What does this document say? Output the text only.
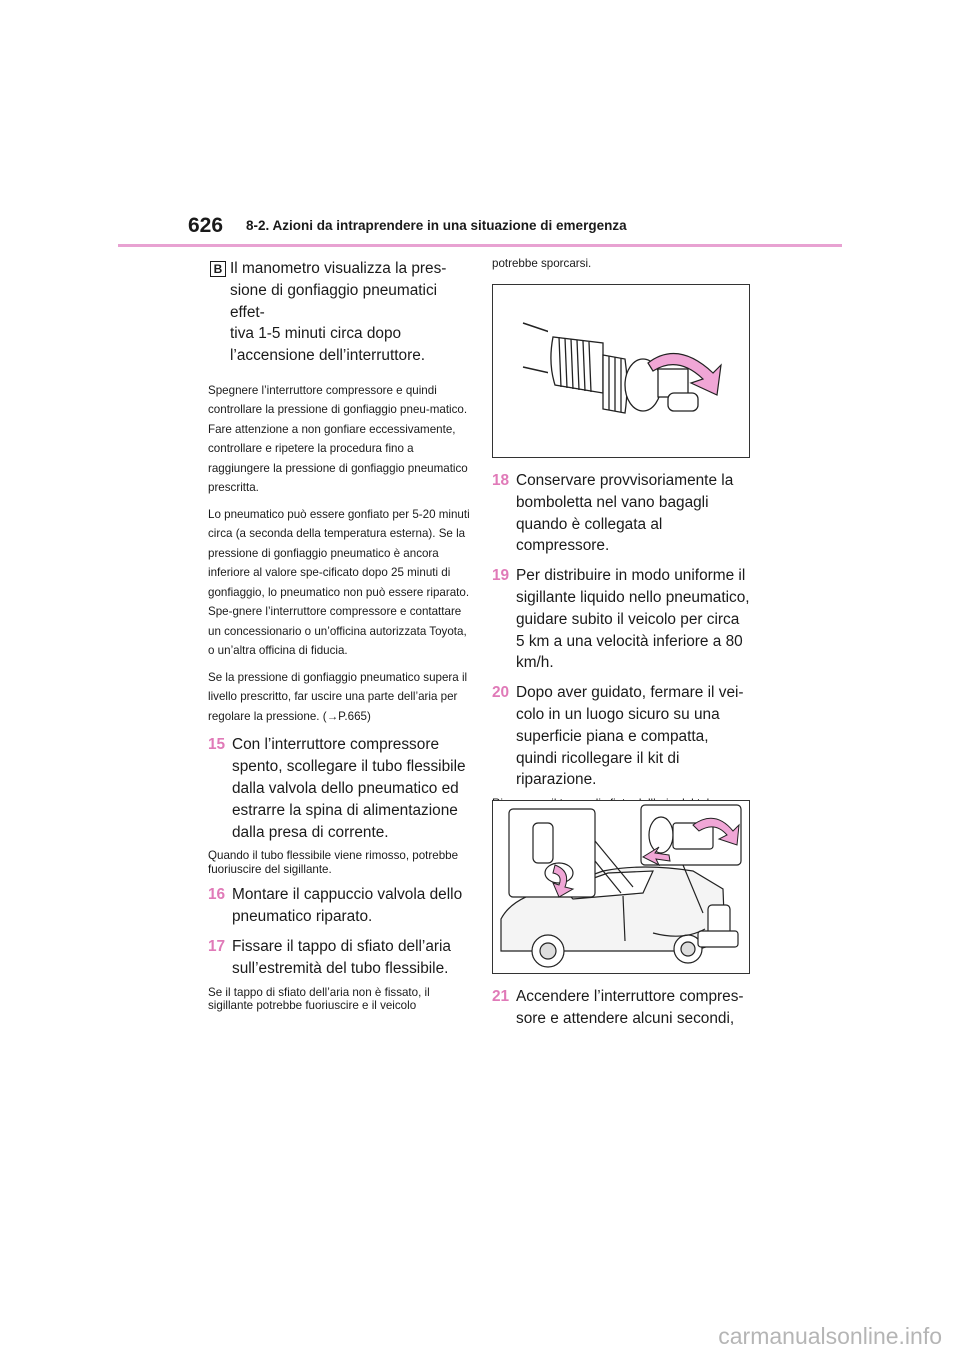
626 8-2. Azioni da intraprendere in una situazione di emergenza
B Il manometro visualizza la pres-
sione di gonfiaggio pneumatici effet-
tiva 1-5 minuti circa dopo
l’accensione dell’interruttore.

Spegnere l’interruttore compressore e quindi controllare la pressione di gonfiaggio pneu-matico. Fare attenzione a non gonfiare eccessivamente, controllare e ripetere la procedura fino a raggiungere la pressione di gonfiaggio pneumatico prescritta.

Lo pneumatico può essere gonfiato per 5-20 minuti circa (a seconda della temperatura esterna). Se la pressione di gonfiaggio pneumatico è ancora inferiore al valore spe-cificato dopo 25 minuti di gonfiaggio, lo pneumatico non può essere riparato. Spe-gnere l’interruttore compressore e contattare un concessionario o un’officina autorizzata Toyota, o un’altra officina di fiducia.

Se la pressione di gonfiaggio pneumatico supera il livello prescritto, far uscire una parte dell’aria per regolare la pressione. (→P.665)

15 Con l’interruttore compressore spento, scollegare il tubo flessibile dalla valvola dello pneumatico ed estrarre la spina di alimentazione dalla presa di corrente.

Quando il tubo flessibile viene rimosso, potrebbe fuoriuscire del sigillante.

16 Montare il cappuccio valvola dello pneumatico riparato.
17 Fissare il tappo di sfiato dell’aria sull’estremità del tubo flessibile.

Se il tappo di sfiato dell’aria non è fissato, il sigillante potrebbe fuoriuscire e il veicolo

potrebbe sporcarsi.
18 Conservare provvisoriamente la bomboletta nel vano bagagli quando è collegata al compressore.
19 Per distribuire in modo uniforme il sigillante liquido nello pneumatico, guidare subito il veicolo per circa 5 km a una velocità inferiore a 80 km/h.
20 Dopo aver guidato, fermare il vei-colo in un luogo sicuro su una superficie piana e compatta, quindi ricollegare il kit di riparazione.

21 Accendere l’interruttore compres-sore e attendere alcuni secondi,
carmanualsonline.info
